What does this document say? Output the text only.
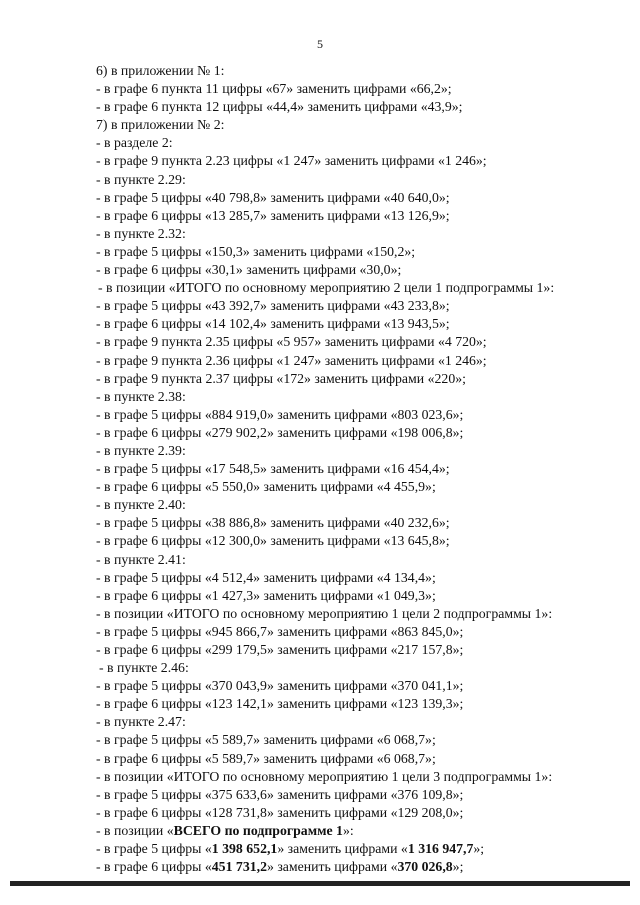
5
6) в приложении № 1:
- в графе 6 пункта 11 цифры «67» заменить цифрами «66,2»;
- в графе 6 пункта 12 цифры «44,4» заменить цифрами «43,9»;
7) в приложении № 2:
- в разделе 2:
- в графе 9 пункта 2.23 цифры «1 247» заменить цифрами «1 246»;
- в пункте 2.29:
- в графе 5 цифры «40 798,8» заменить цифрами «40 640,0»;
- в графе 6 цифры «13 285,7» заменить цифрами «13 126,9»;
- в пункте 2.32:
- в графе 5 цифры «150,3» заменить цифрами «150,2»;
- в графе 6 цифры «30,1» заменить цифрами «30,0»;
- в позиции «ИТОГО по основному мероприятию 2 цели 1 подпрограммы 1»:
- в графе 5 цифры «43 392,7» заменить цифрами «43 233,8»;
- в графе 6 цифры «14 102,4» заменить цифрами «13 943,5»;
- в графе 9 пункта 2.35 цифры «5 957» заменить цифрами «4 720»;
- в графе 9 пункта 2.36 цифры «1 247» заменить цифрами «1 246»;
- в графе 9 пункта 2.37 цифры «172» заменить цифрами «220»;
- в пункте 2.38:
- в графе 5 цифры «884 919,0» заменить цифрами «803 023,6»;
- в графе 6 цифры «279 902,2» заменить цифрами «198 006,8»;
- в пункте 2.39:
- в графе 5 цифры «17 548,5» заменить цифрами «16 454,4»;
- в графе 6 цифры «5 550,0» заменить цифрами «4 455,9»;
- в пункте 2.40:
- в графе 5 цифры «38 886,8» заменить цифрами «40 232,6»;
- в графе 6 цифры «12 300,0» заменить цифрами «13 645,8»;
- в пункте 2.41:
- в графе 5 цифры «4 512,4» заменить цифрами «4 134,4»;
- в графе 6 цифры «1 427,3» заменить цифрами «1 049,3»;
- в позиции «ИТОГО по основному мероприятию 1 цели 2 подпрограммы 1»:
- в графе 5 цифры «945 866,7» заменить цифрами «863 845,0»;
- в графе 6 цифры «299 179,5» заменить цифрами «217 157,8»;
- в пункте 2.46:
- в графе 5 цифры «370 043,9» заменить цифрами «370 041,1»;
- в графе 6 цифры «123 142,1» заменить цифрами «123 139,3»;
- в пункте 2.47:
- в графе 5 цифры «5 589,7» заменить цифрами «6 068,7»;
- в графе 6 цифры «5 589,7» заменить цифрами «6 068,7»;
- в позиции «ИТОГО по основному мероприятию 1 цели 3 подпрограммы 1»:
- в графе 5 цифры «375 633,6» заменить цифрами «376 109,8»;
- в графе 6 цифры «128 731,8» заменить цифрами «129 208,0»;
- в позиции «ВСЕГО по подпрограмме 1»:
- в графе 5 цифры «1 398 652,1» заменить цифрами «1 316 947,7»;
- в графе 6 цифры «451 731,2» заменить цифрами «370 026,8»;
